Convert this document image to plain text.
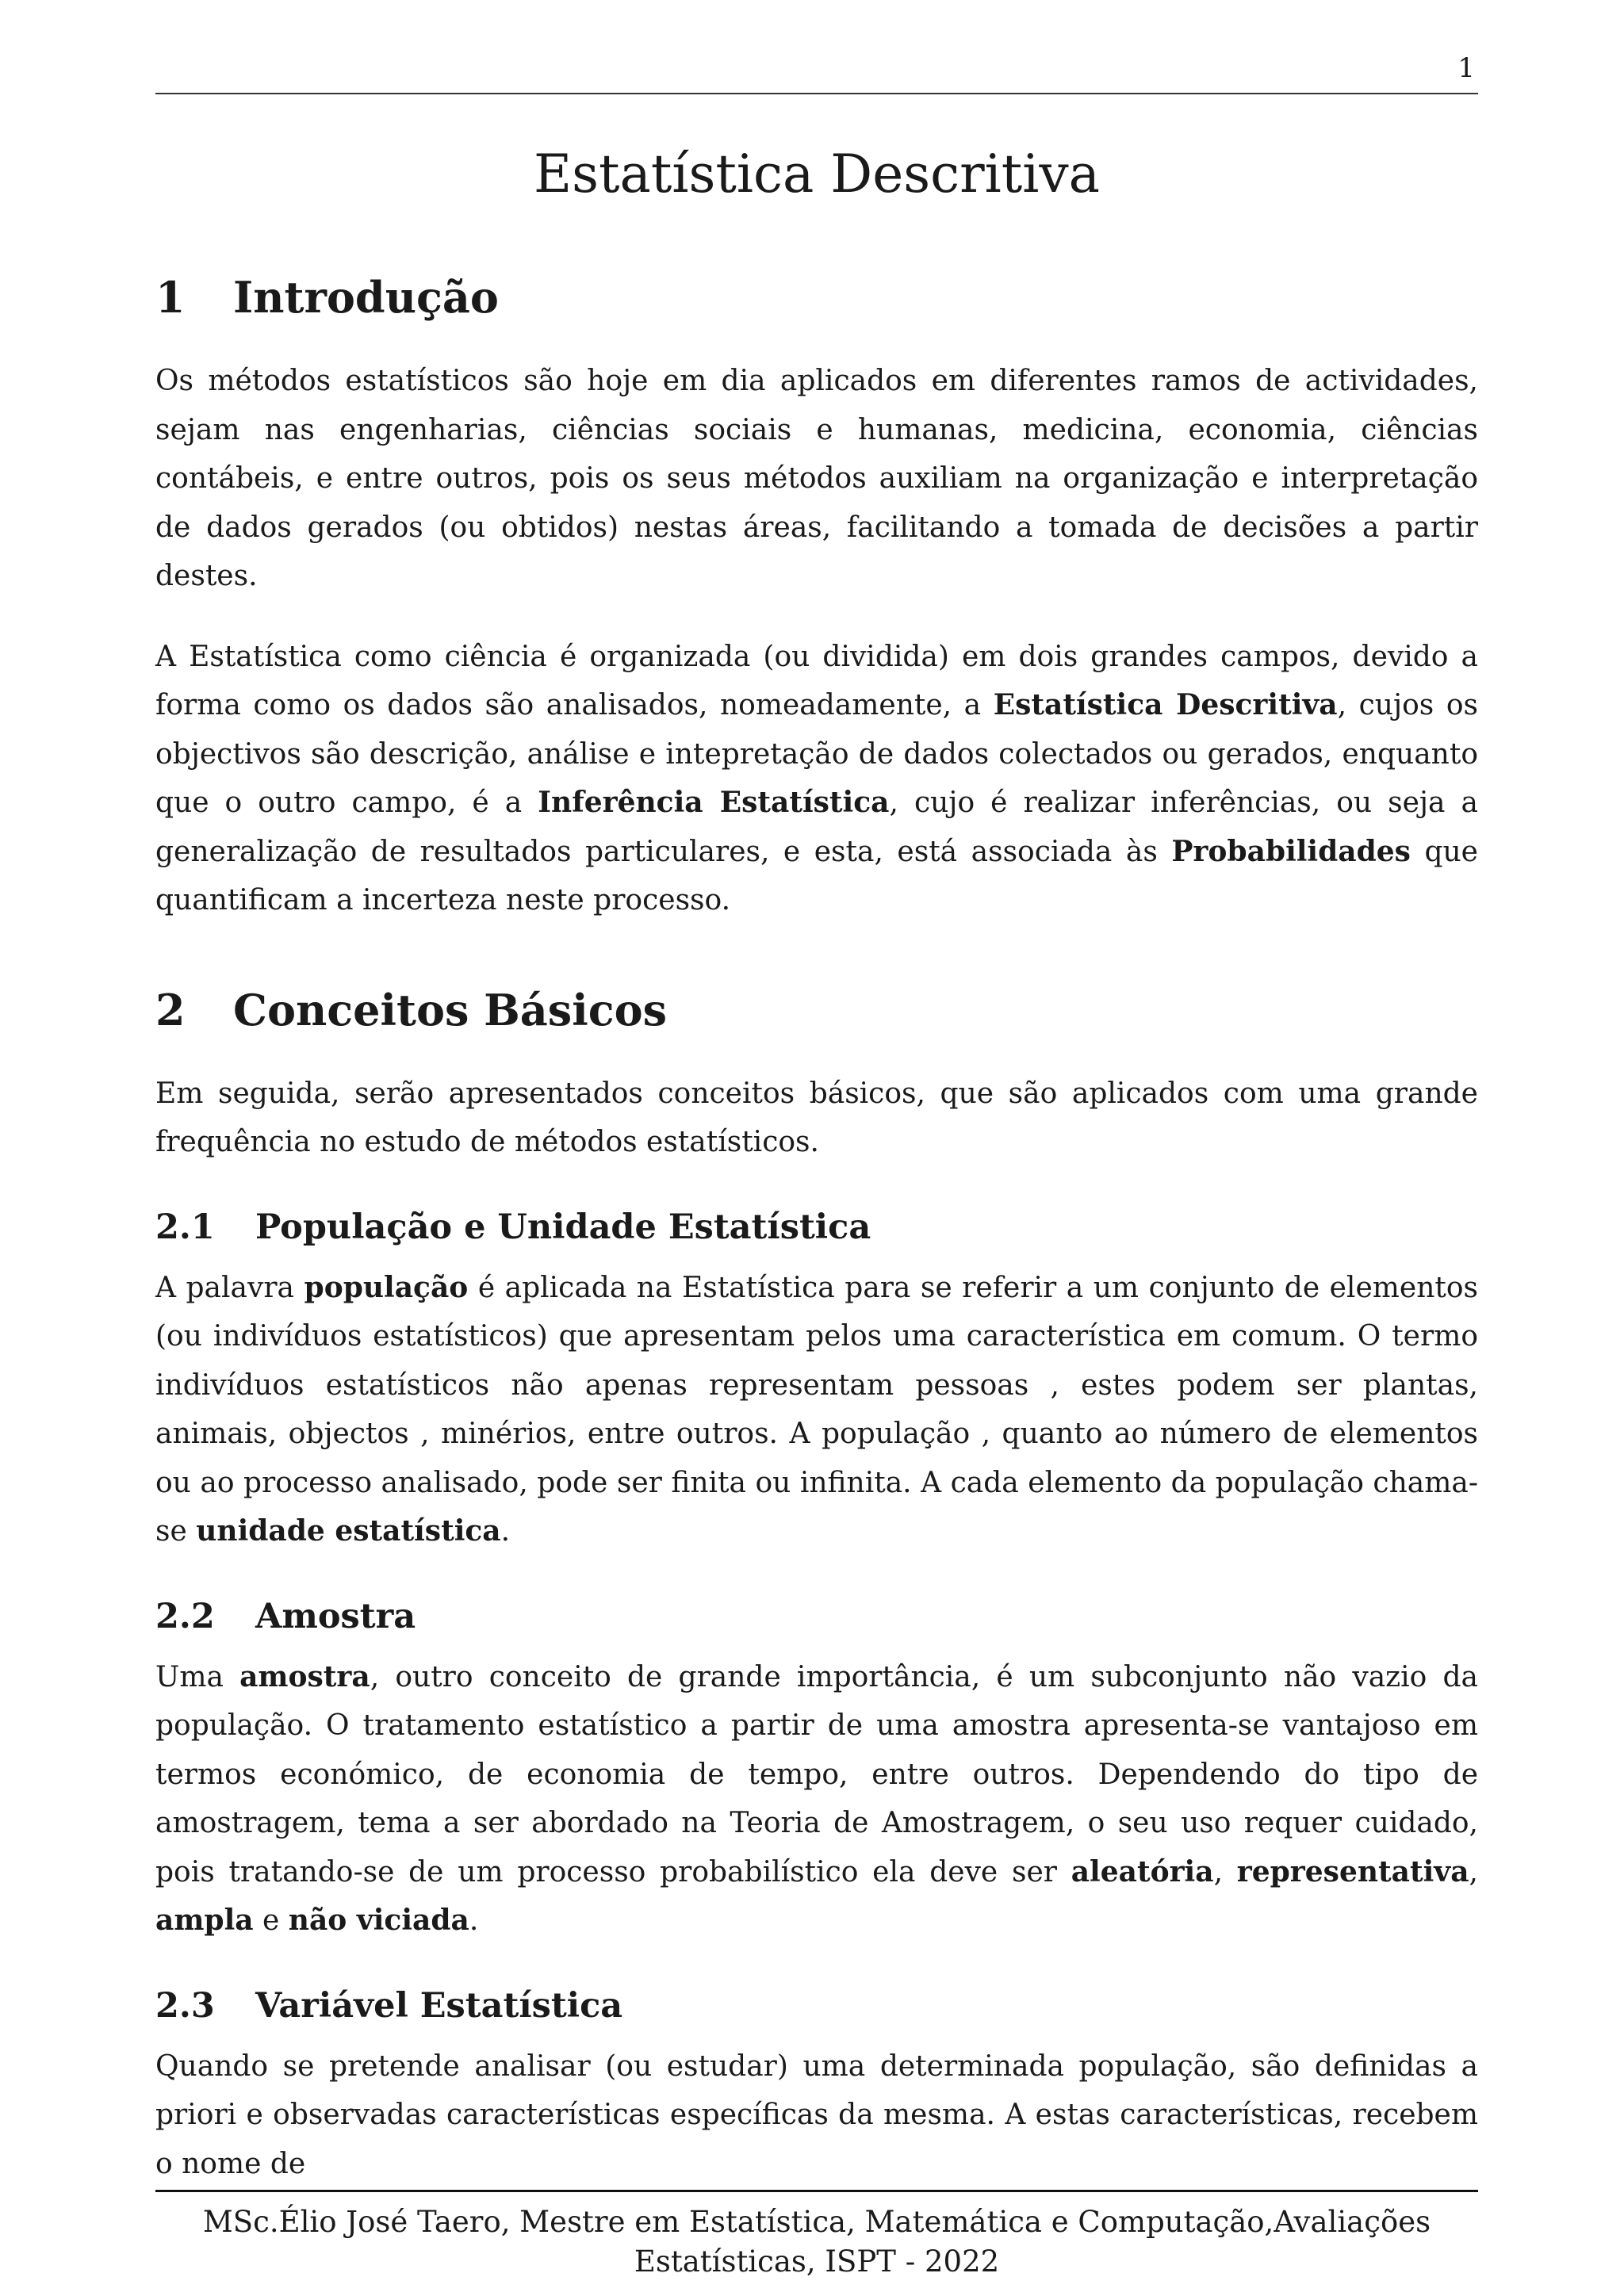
1
Estatística Descritiva
1	Introdução

Os métodos estatísticos são hoje em dia aplicados em diferentes ramos de actividades, sejam nas engenharias, ciências sociais e humanas, medicina, economia, ciências contábeis, e entre outros, pois os seus métodos auxiliam na organização e interpretação de dados gerados (ou obtidos) nestas áreas, facilitando a tomada de decisões a partir destes.

A Estatística como ciência é organizada (ou dividida) em dois grandes campos, devido a forma como os dados são analisados, nomeadamente, a Estatística Descritiva, cujos os objectivos são descrição, análise e intepretação de dados colectados ou gerados, enquanto que o outro campo, é a Inferência Estatística, cujo é realizar inferências, ou seja a generalização de resultados particulares, e esta, está associada às Probabilidades que quantificam a incerteza neste processo.

2	Conceitos Básicos

Em seguida, serão apresentados conceitos básicos, que são aplicados com uma grande frequência no estudo de métodos estatísticos.

2.1	População e Unidade Estatística

A palavra população é aplicada na Estatística para se referir a um conjunto de elementos (ou indivíduos estatísticos) que apresentam pelos uma característica em comum. O termo indivíduos estatísticos não apenas representam pessoas , estes podem ser plantas, animais, objectos , minérios, entre outros. A população , quanto ao número de elementos ou ao processo analisado, pode ser finita ou infinita. A cada elemento da população chama-se unidade estatística.

2.2	Amostra

Uma amostra, outro conceito de grande importância, é um subconjunto não vazio da população. O tratamento estatístico a partir de uma amostra apresenta-se vantajoso em termos económico, de economia de tempo, entre outros. Dependendo do tipo de amostragem, tema a ser abordado na Teoria de Amostragem, o seu uso requer cuidado, pois tratando-se de um processo probabilístico ela deve ser aleatória, representativa, ampla e não viciada.

2.3	Variável Estatística

Quando se pretende analisar (ou estudar) uma determinada população, são definidas a priori e observadas características específicas da mesma. A estas características, recebem o nome de

MSc.Élio José Taero, Mestre em Estatística, Matemática e Computação,Avaliações
Estatísticas, ISPT - 2022
